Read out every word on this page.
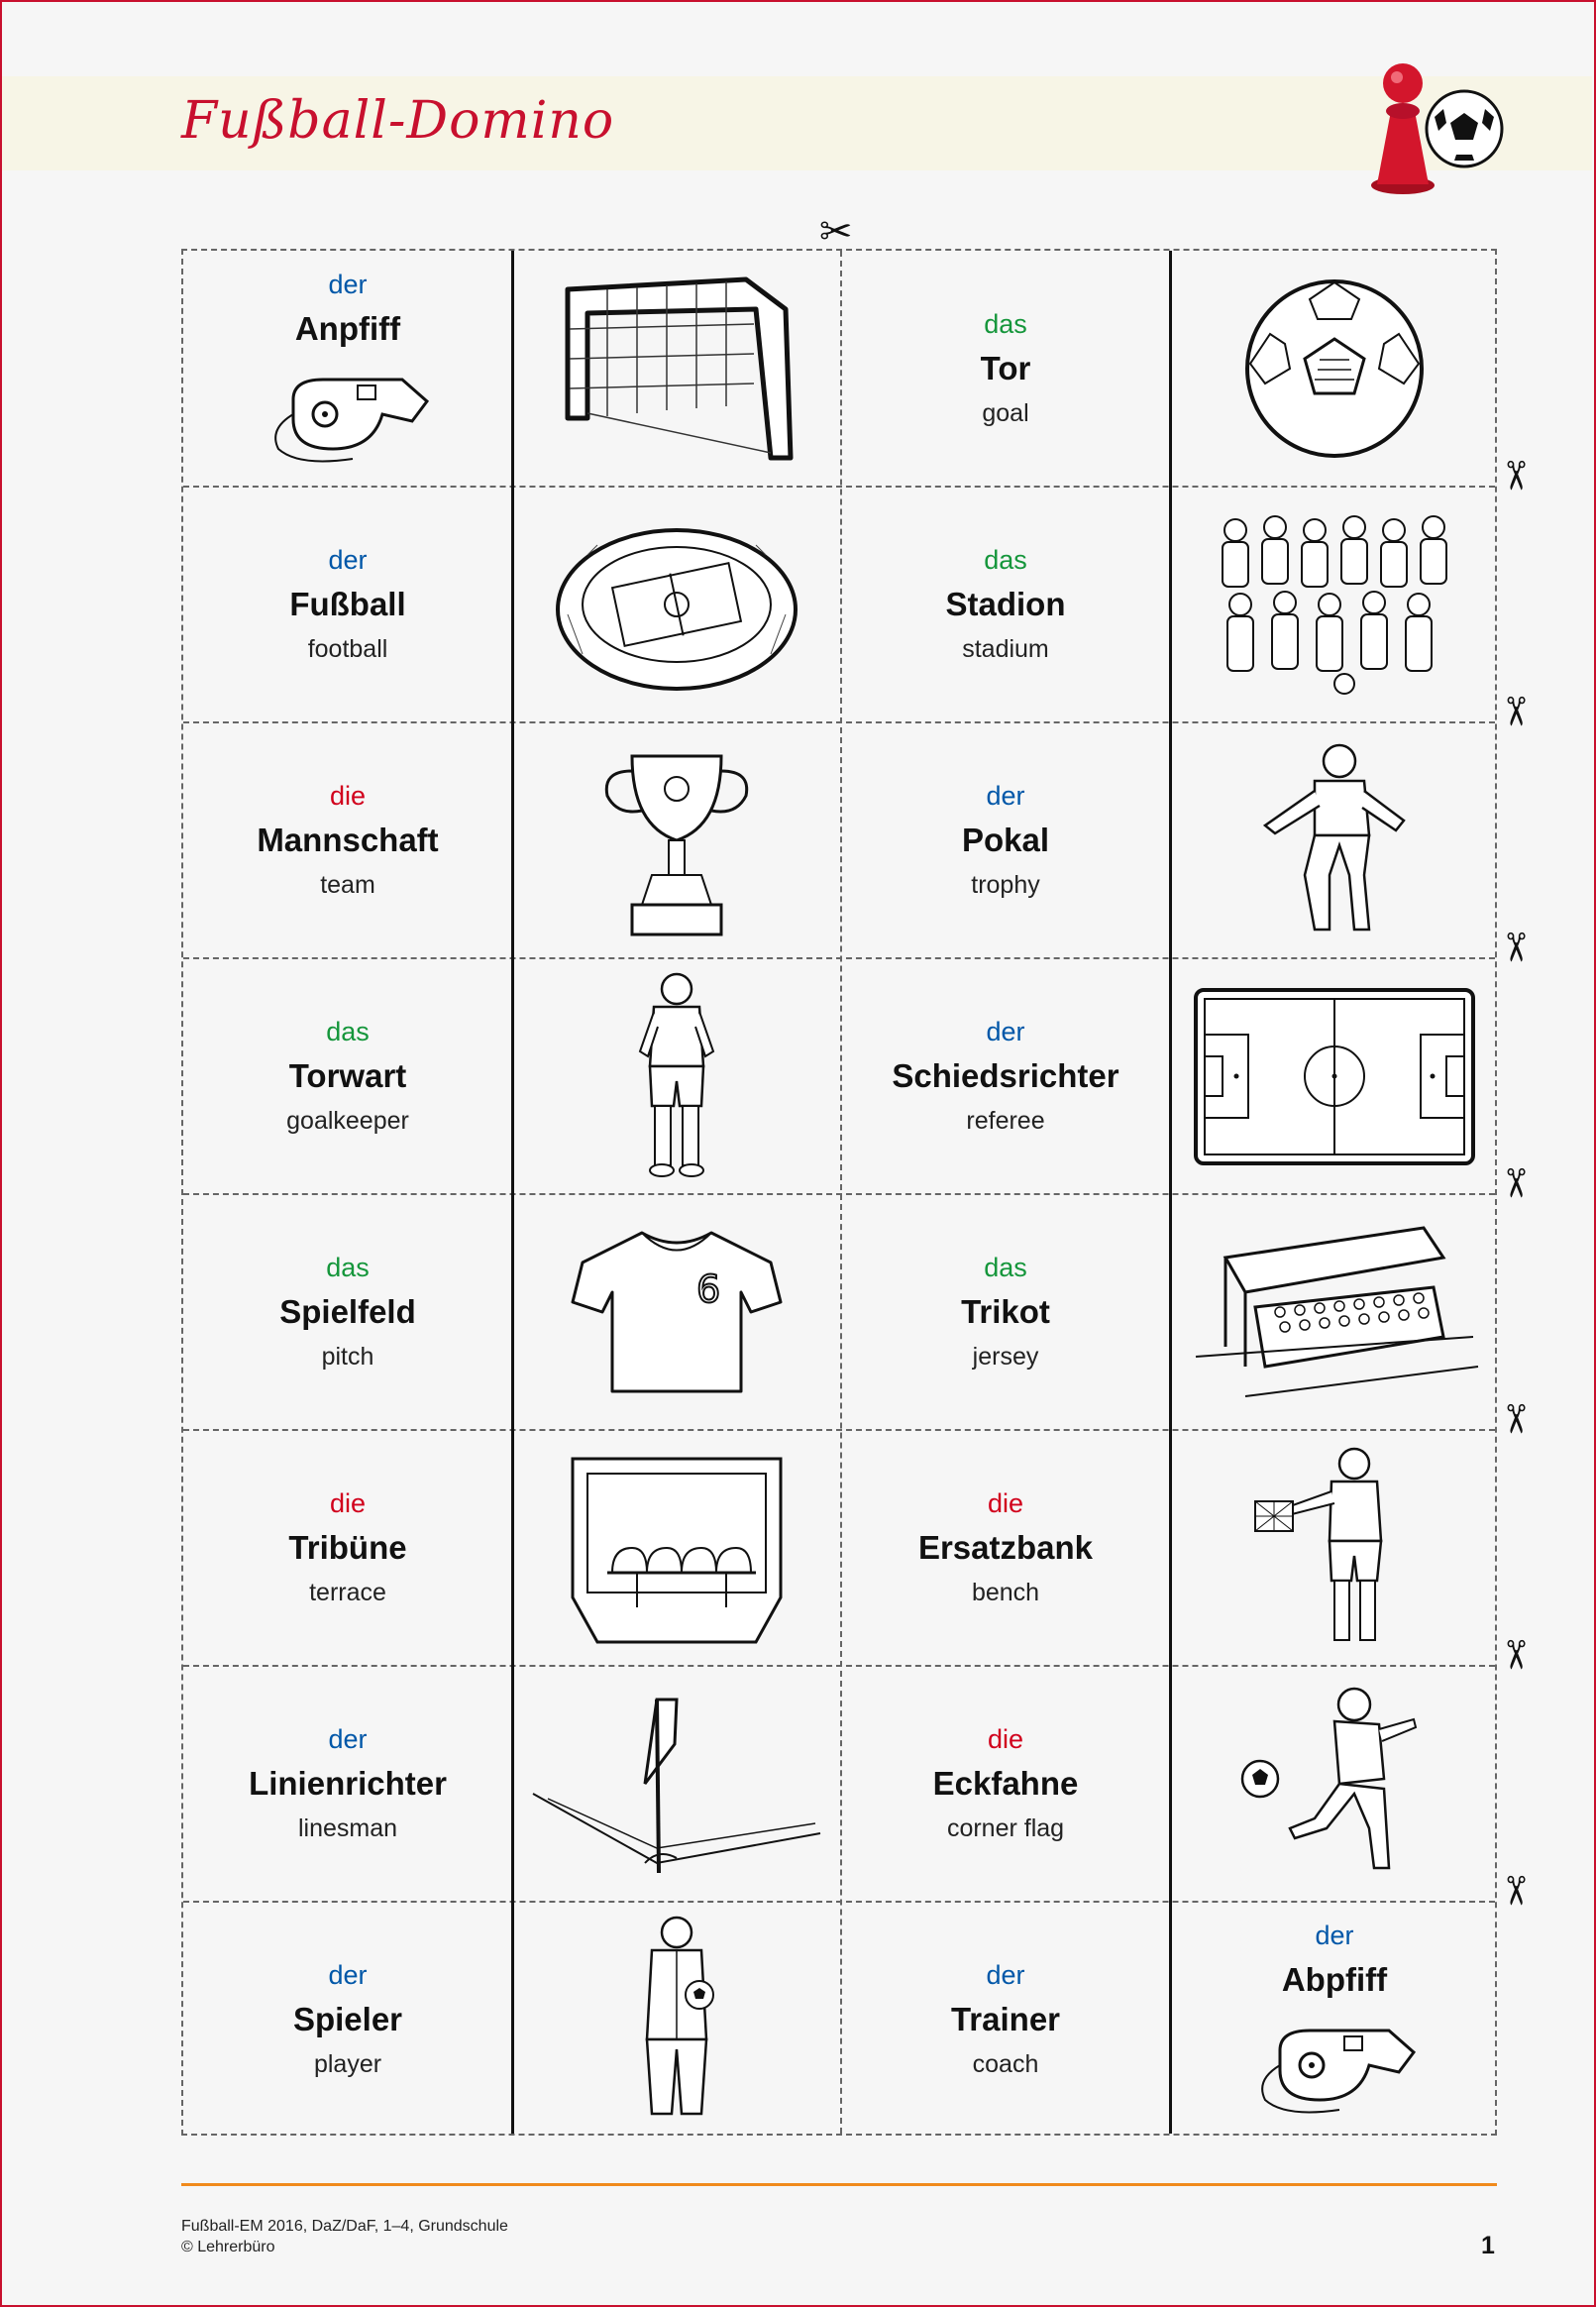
Fußball-Domino
✂
✂
✂
✂
✂
✂
✂
✂
der
Anpfiff	das
Tor
goal
der
Fußball
football
das
Stadion
stadium
die
Mannschaft
team
der
Pokal
trophy
das
Torwart
goalkeeper
der
Schiedsrichter
referee
das
Spielfeld
pitch
6	das
Trikot
jersey
die
Tribüne
terrace
die
Ersatzbank
bench
der
Linienrichter
linesman
die
Eckfahne
corner flag
der
Spieler
player
der
Trainer
coach
der
Abpfiff
Fußball-EM 2016, DaZ/DaF, 1–4, Grundschule
© Lehrerbüro	1
